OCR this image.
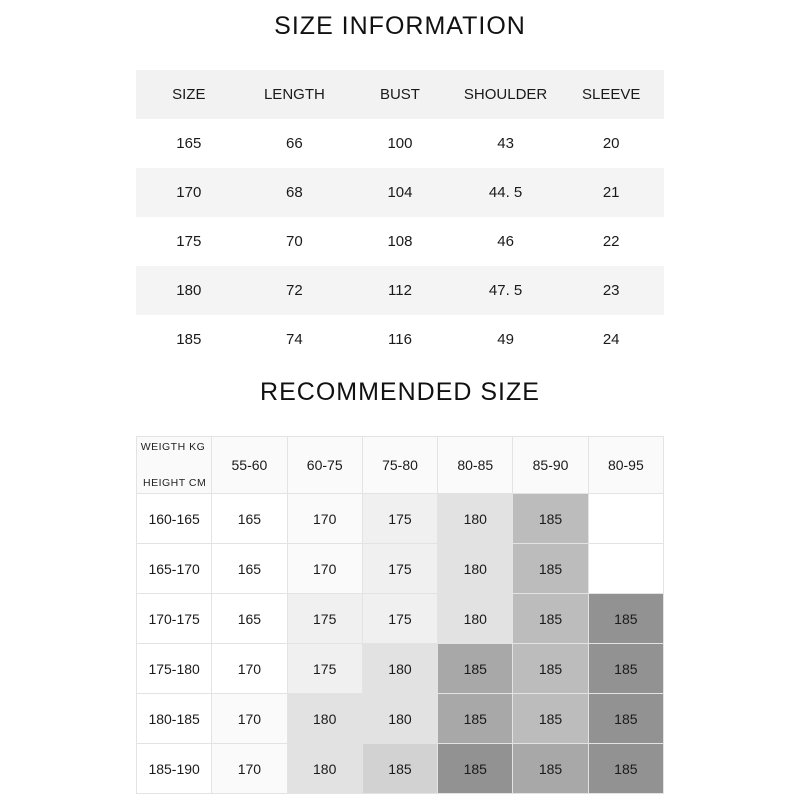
SIZE INFORMATION
SIZE	LENGTH	BUST	SHOULDER	SLEEVE
165	66	100	43	20
170	68	104	44. 5	21
175	70	108	46	22
180	72	112	47. 5	23
185	74	116	49	24
RECOMMENDED SIZE
WEIGTH KG
HEIGHT CM	55-60	60-75	75-80	80-85	85-90	80-95
160-165	165	170	175	180	185	
165-170	165	170	175	180	185	
170-175	165	175	175	180	185	185
175-180	170	175	180	185	185	185
180-185	170	180	180	185	185	185
185-190	170	180	185	185	185	185
